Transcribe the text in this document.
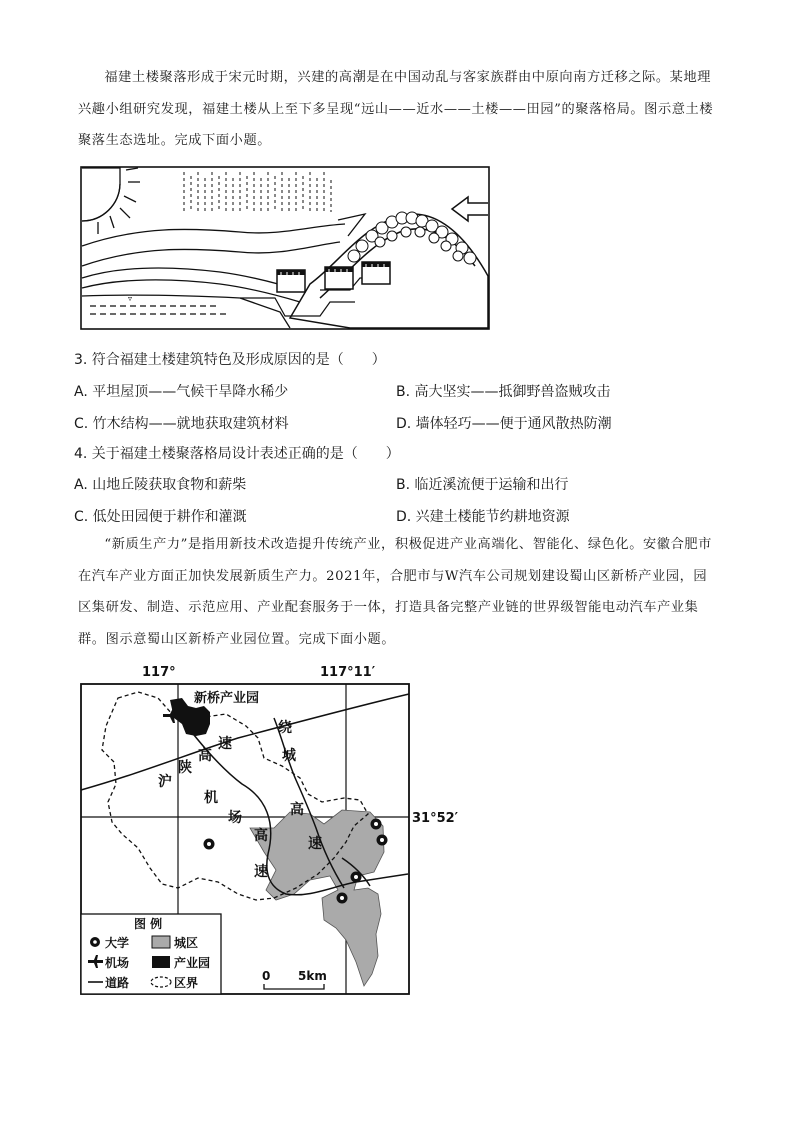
福建土楼聚落形成于宋元时期，兴建的高潮是在中国动乱与客家族群由中原向南方迁移之际。某地理兴趣小组研究发现，福建土楼从上至下多呈现“远山——近水——土楼——田园”的聚落格局。图示意土楼聚落生态选址。完成下面小题。

▿

3. 符合福建土楼建筑特色及形成原因的是（　　）

A. 平坦屋顶——气候干旱降水稀少	B. 高大坚实——抵御野兽盗贼攻击

C. 竹木结构——就地获取建筑材料	D. 墙体轻巧——便于通风散热防潮

4. 关于福建土楼聚落格局设计表述正确的是（　　）

A. 山地丘陵获取食物和薪柴	B. 临近溪流便于运输和出行

C. 低处田园便于耕作和灌溉	D. 兴建土楼能节约耕地资源

“新质生产力”是指用新技术改造提升传统产业，积极促进产业高端化、智能化、绿色化。安徽合肥市在汽车产业方面正加快发展新质生产力。2021年，合肥市与W汽车公司规划建设蜀山区新桥产业园，园区集研发、制造、示范应用、产业配套服务于一体，打造具备完整产业链的世界级智能电动汽车产业集群。图示意蜀山区新桥产业园位置。完成下面小题。

117°	117°11′
31°52′
新桥产业园
沪
陕
高
速
机
场
高
速
绕
城
高
速
图 例
大学	城区
机场	产业园
道路	区界	0 5km
